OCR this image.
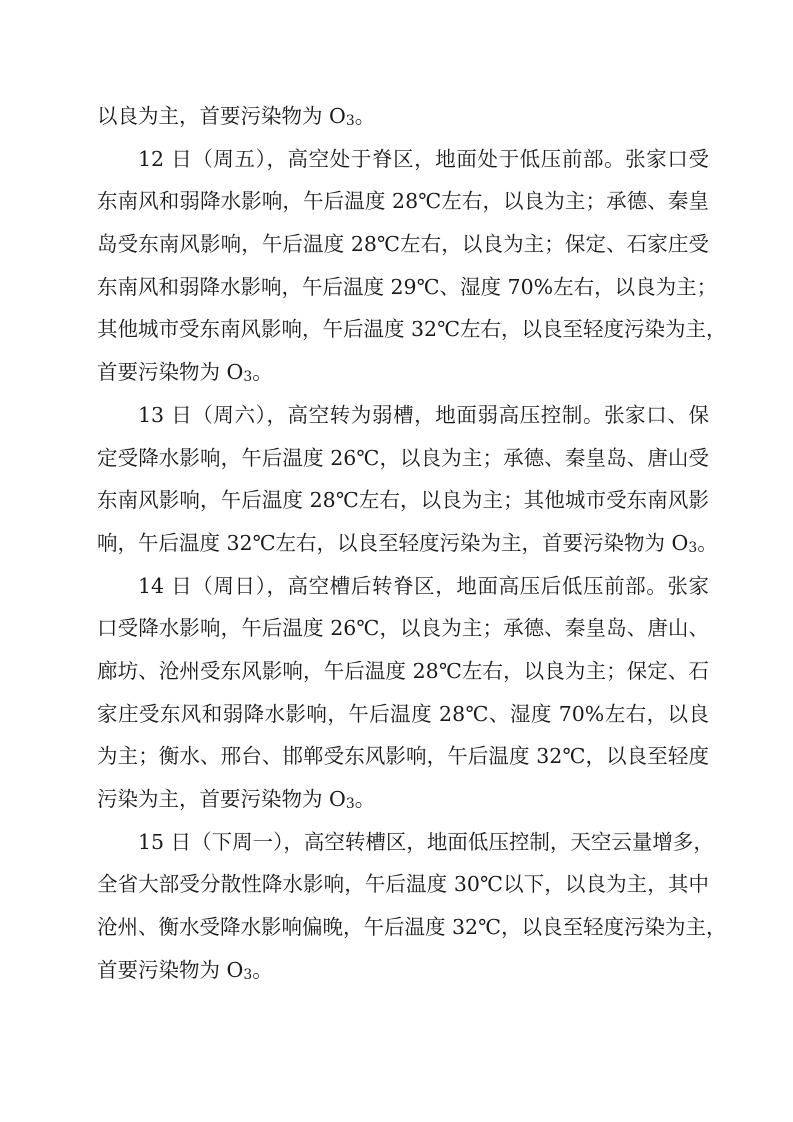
以良为主，首要污染物为 $O_3$。
12 日（周五），高空处于脊区，地面处于低压前部。张家口受
东南风和弱降水影响，午后温度 28℃左右，以良为主；承德、秦皇
岛受东南风影响，午后温度 28℃左右，以良为主；保定、石家庄受
东南风和弱降水影响，午后温度 29℃、湿度 70%左右，以良为主；
其他城市受东南风影响，午后温度 32℃左右，以良至轻度污染为主，
首要污染物为 $O_3$。
13 日（周六），高空转为弱槽，地面弱高压控制。张家口、保
定受降水影响，午后温度 26℃，以良为主；承德、秦皇岛、唐山受
东南风影响，午后温度 28℃左右，以良为主；其他城市受东南风影
响，午后温度 32℃左右，以良至轻度污染为主，首要污染物为 $O_3$。
14 日（周日），高空槽后转脊区，地面高压后低压前部。张家
口受降水影响，午后温度 26℃，以良为主；承德、秦皇岛、唐山、
廊坊、沧州受东风影响，午后温度 28℃左右，以良为主；保定、石
家庄受东风和弱降水影响，午后温度 28℃、湿度 70%左右，以良
为主；衡水、邢台、邯郸受东风影响，午后温度 32℃，以良至轻度
污染为主，首要污染物为 $O_3$。
15 日（下周一），高空转槽区，地面低压控制，天空云量增多，
全省大部受分散性降水影响，午后温度 30℃以下，以良为主，其中
沧州、衡水受降水影响偏晚，午后温度 32℃，以良至轻度污染为主，
首要污染物为 $O_3$。
